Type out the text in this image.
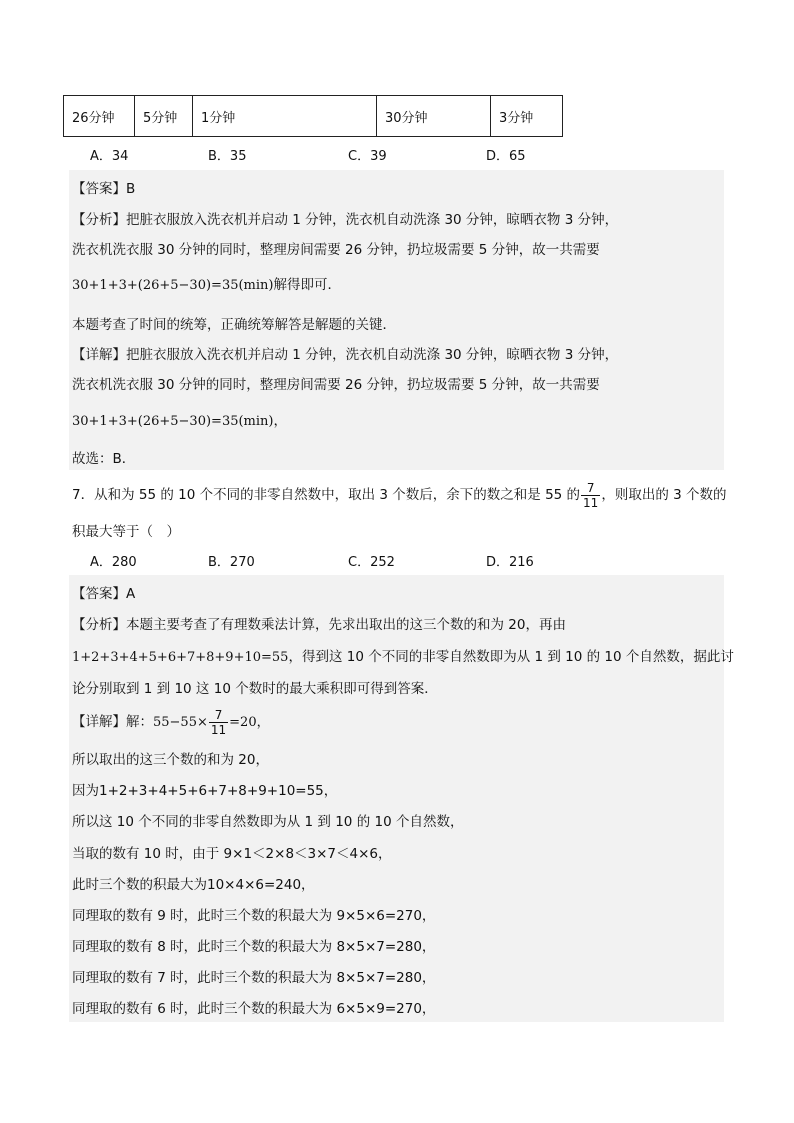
26分钟	5分钟	1分钟	30分钟	3分钟
A．34	B．35	C．39	D．65
【答案】B
【分析】把脏衣服放入洗衣机并启动 1 分钟，洗衣机自动洗涤 30 分钟，晾晒衣物 3 分钟，
洗衣机洗衣服 30 分钟的同时，整理房间需要 26 分钟，扔垃圾需要 5 分钟，故一共需要
30+1+3+(26+5−30)=35(min)解得即可．
本题考查了时间的统筹，正确统筹解答是解题的关键．
【详解】把脏衣服放入洗衣机并启动 1 分钟，洗衣机自动洗涤 30 分钟，晾晒衣物 3 分钟，
洗衣机洗衣服 30 分钟的同时，整理房间需要 26 分钟，扔垃圾需要 5 分钟，故一共需要
30+1+3+(26+5−30)=35(min)，
故选：B．
7．从和为 55 的 10 个不同的非零自然数中，取出 3 个数后，余下的数之和是 55 的 $\frac{7}{11}$ ，则取出的 3 个数的
积最大等于（　）
A．280	B．270	C．252	D．216
【答案】A
【分析】本题主要考查了有理数乘法计算，先求出取出的这三个数的和为 20，再由
1+2+3+4+5+6+7+8+9+10=55，得到这 10 个不同的非零自然数即为从 1 到 10 的 10 个自然数，据此讨
论分别取到 1 到 10 这 10 个数时的最大乘积即可得到答案．
【详解】解：$55-55\times \frac{7}{11} =20$，
所以取出的这三个数的和为 20，
因为1+2+3+4+5+6+7+8+9+10=55，
所以这 10 个不同的非零自然数即为从 1 到 10 的 10 个自然数，
当取的数有 10 时，由于 9×1＜2×8＜3×7＜4×6，
此时三个数的积最大为10×4×6=240，
同理取的数有 9 时，此时三个数的积最大为 9×5×6=270，
同理取的数有 8 时，此时三个数的积最大为 8×5×7=280，
同理取的数有 7 时，此时三个数的积最大为 8×5×7=280，
同理取的数有 6 时，此时三个数的积最大为 6×5×9=270，
